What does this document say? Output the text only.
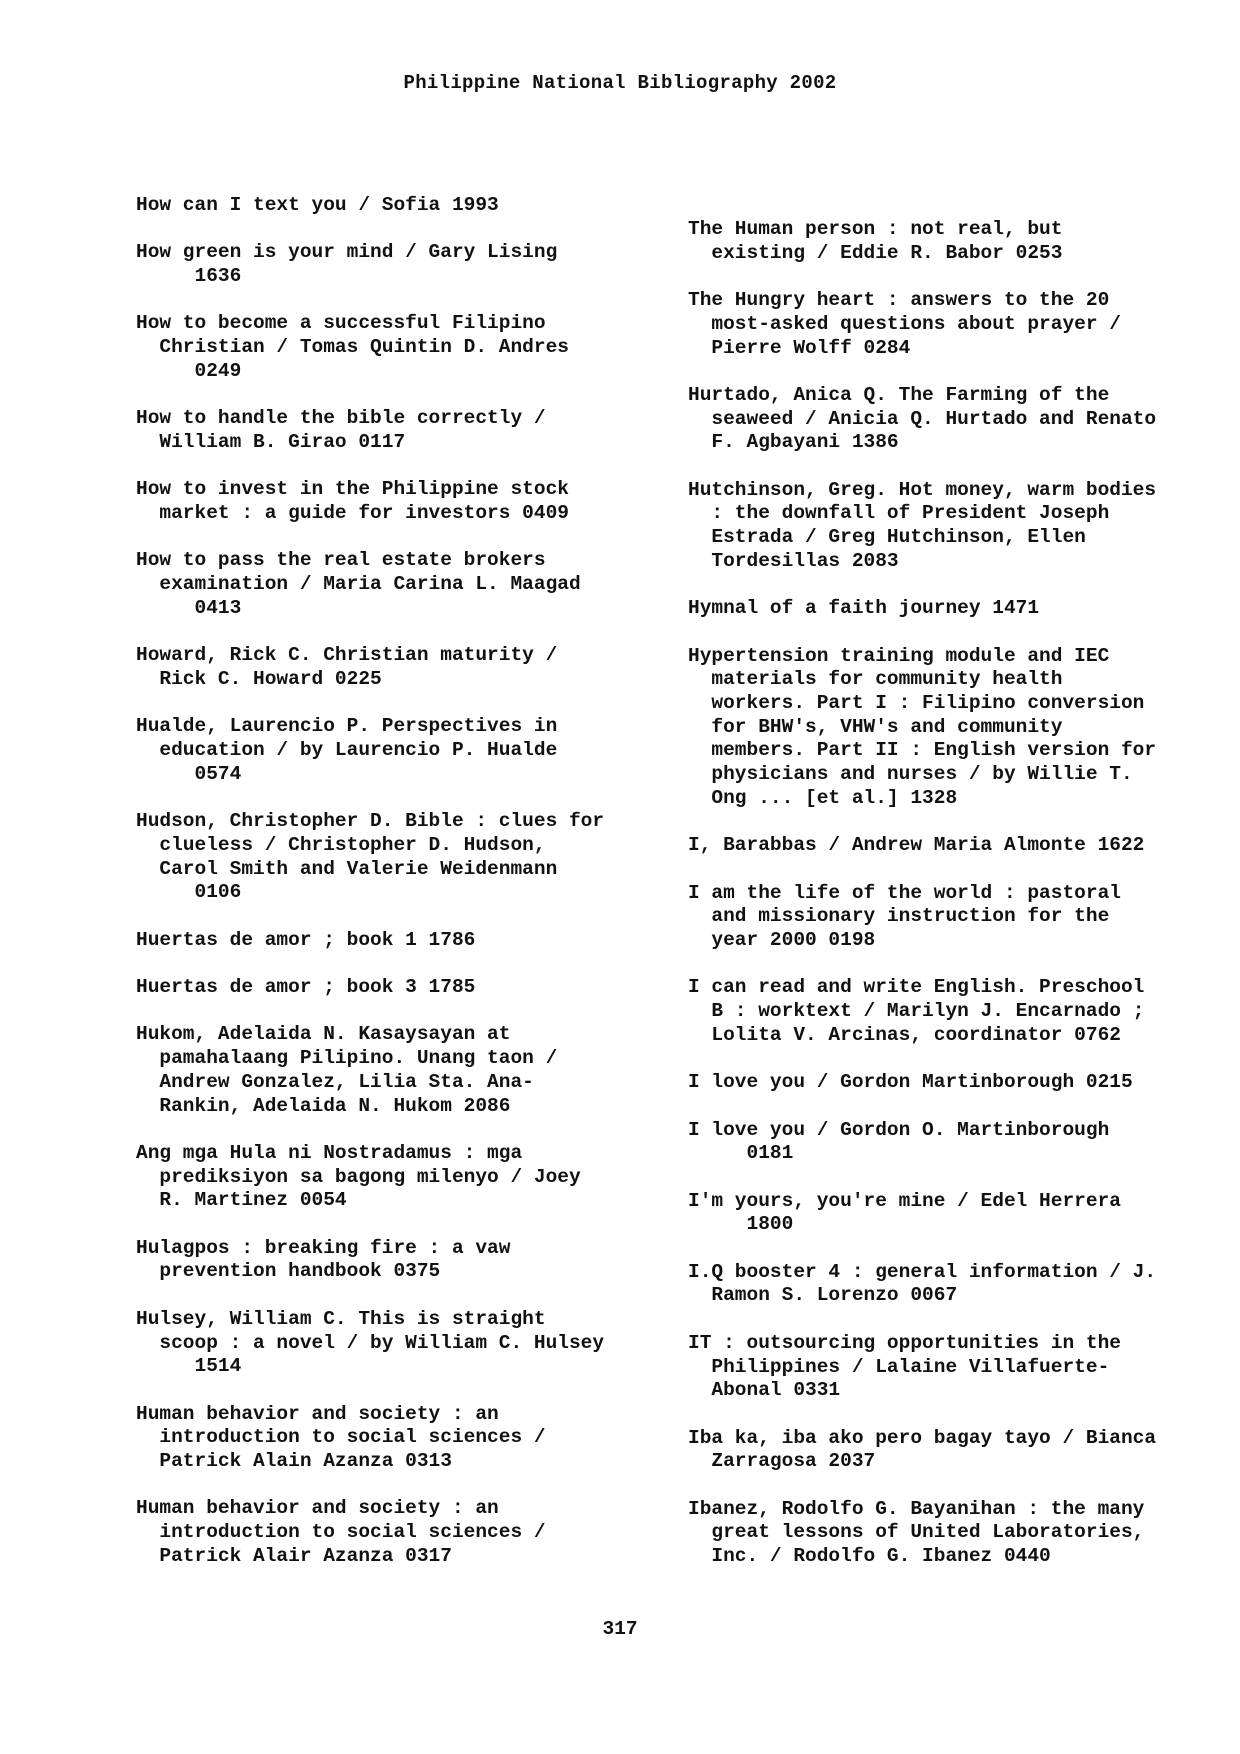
Philippine National Bibliography 2002
How can I text you / Sofia 1993
How green is your mind / Gary Lising
1636
How to become a successful Filipino
Christian / Tomas Quintin D. Andres
0249
How to handle the bible correctly /
William B. Girao 0117
How to invest in the Philippine stock
market : a guide for investors 0409
How to pass the real estate brokers
examination / Maria Carina L. Maagad
0413
Howard, Rick C. Christian maturity /
Rick C. Howard 0225
Hualde, Laurencio P. Perspectives in
education / by Laurencio P. Hualde
0574
Hudson, Christopher D. Bible : clues for
clueless / Christopher D. Hudson,
Carol Smith and Valerie Weidenmann
0106
Huertas de amor ; book 1 1786
Huertas de amor ; book 3 1785
Hukom, Adelaida N. Kasaysayan at
pamahalaang Pilipino. Unang taon /
Andrew Gonzalez, Lilia Sta. Ana-
Rankin, Adelaida N. Hukom 2086
Ang mga Hula ni Nostradamus : mga
prediksiyon sa bagong milenyo / Joey
R. Martinez 0054
Hulagpos : breaking fire : a vaw
prevention handbook 0375
Hulsey, William C. This is straight
scoop : a novel / by William C. Hulsey
1514
Human behavior and society : an
introduction to social sciences /
Patrick Alain Azanza 0313
Human behavior and society : an
introduction to social sciences /
Patrick Alair Azanza 0317
The Human person : not real, but
existing / Eddie R. Babor 0253
The Hungry heart : answers to the 20
most-asked questions about prayer /
Pierre Wolff 0284
Hurtado, Anica Q. The Farming of the
seaweed / Anicia Q. Hurtado and Renato
F. Agbayani 1386
Hutchinson, Greg. Hot money, warm bodies
: the downfall of President Joseph
Estrada / Greg Hutchinson, Ellen
Tordesillas 2083
Hymnal of a faith journey 1471
Hypertension training module and IEC
materials for community health
workers. Part I : Filipino conversion
for BHW's, VHW's and community
members. Part II : English version for
physicians and nurses / by Willie T.
Ong ... [et al.] 1328
I, Barabbas / Andrew Maria Almonte 1622
I am the life of the world : pastoral
and missionary instruction for the
year 2000 0198
I can read and write English. Preschool
B : worktext / Marilyn J. Encarnado ;
Lolita V. Arcinas, coordinator 0762
I love you / Gordon Martinborough 0215
I love you / Gordon O. Martinborough
0181
I'm yours, you're mine / Edel Herrera
1800
I.Q booster 4 : general information / J.
Ramon S. Lorenzo 0067
IT : outsourcing opportunities in the
Philippines / Lalaine Villafuerte-
Abonal 0331
Iba ka, iba ako pero bagay tayo / Bianca
Zarragosa 2037
Ibanez, Rodolfo G. Bayanihan : the many
great lessons of United Laboratories,
Inc. / Rodolfo G. Ibanez 0440
317
